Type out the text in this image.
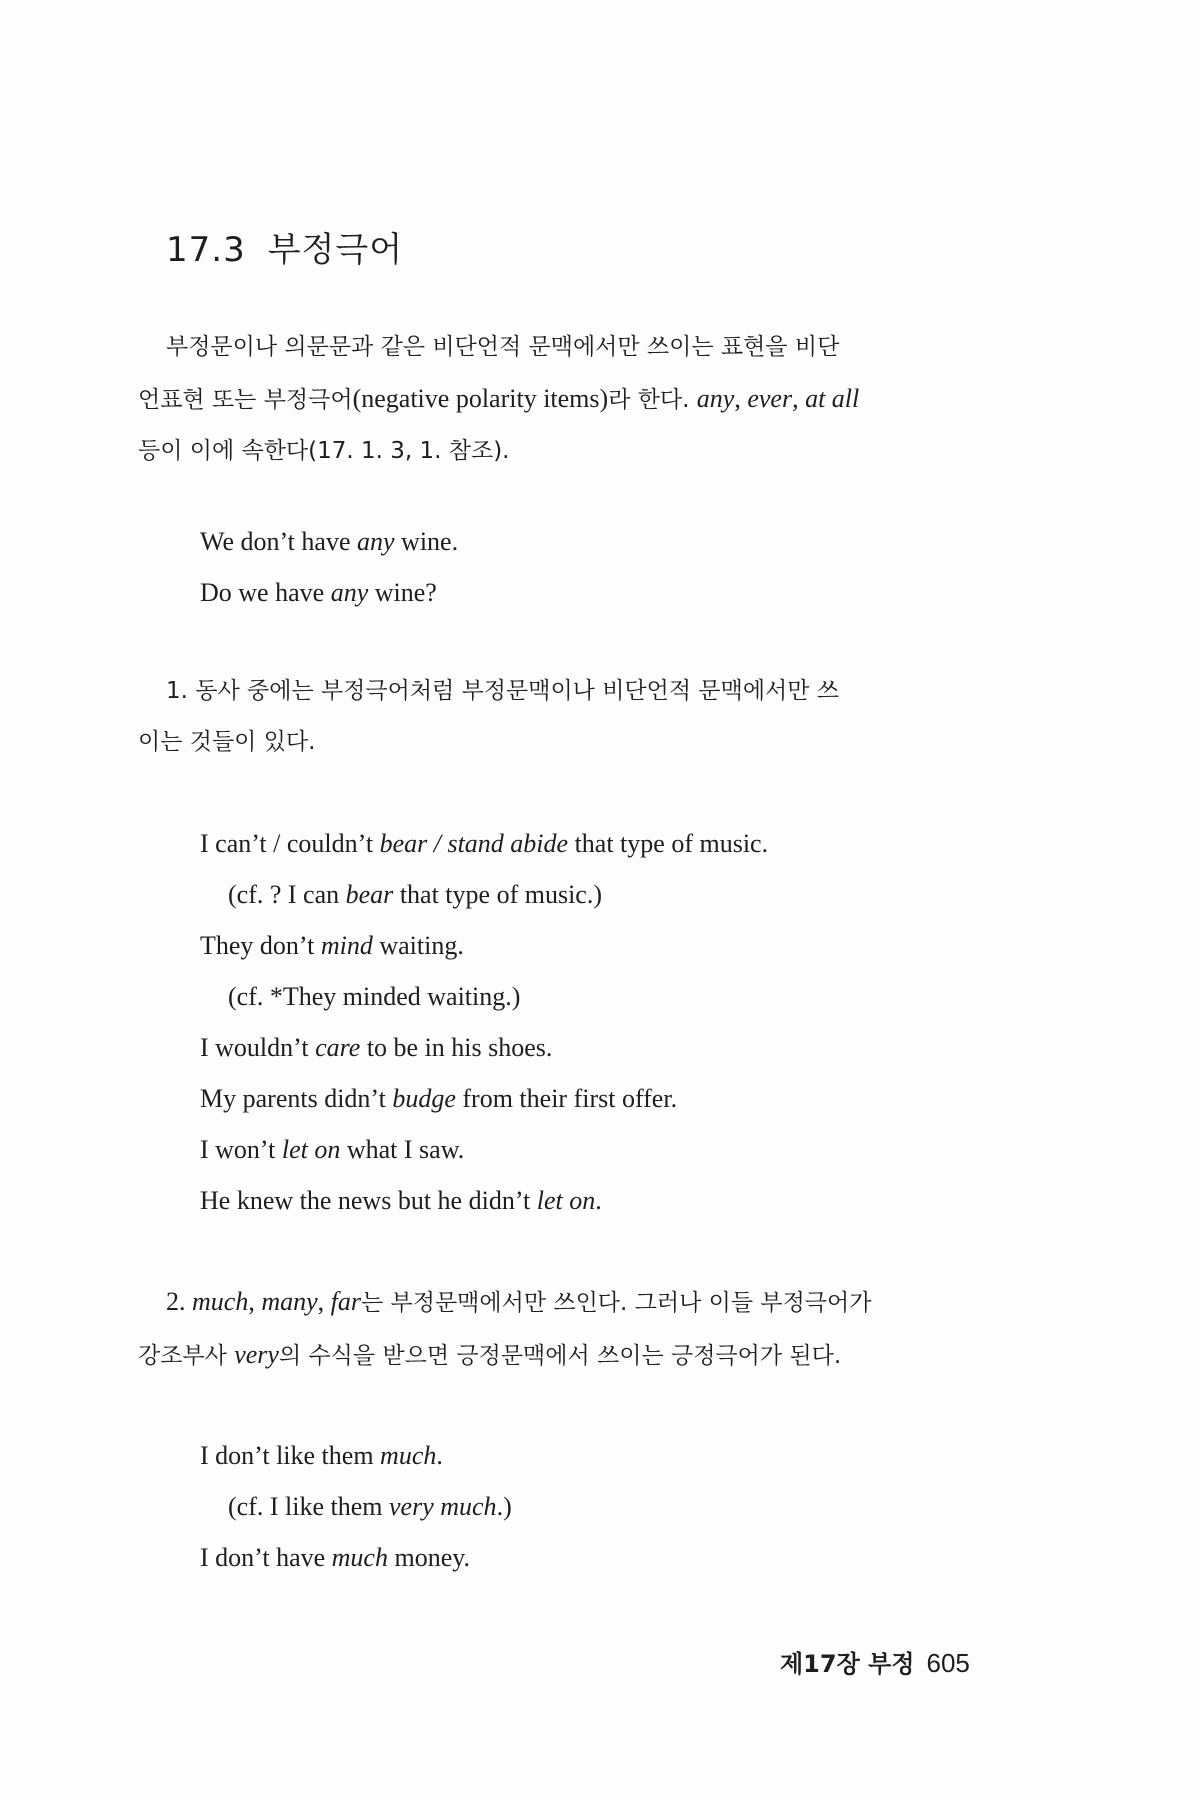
17.3 부정극어
부정문이나 의문문과 같은 비단언적 문맥에서만 쓰이는 표현을 비단
언표현 또는 부정극어(negative polarity items)라 한다. any, ever, at all
등이 이에 속한다(17. 1. 3, 1. 참조).
We don’t have any wine.
Do we have any wine?
1. 동사 중에는 부정극어처럼 부정문맥이나 비단언적 문맥에서만 쓰
이는 것들이 있다.
I can’t / couldn’t bear / stand abide that type of music.
(cf. ? I can bear that type of music.)
They don’t mind waiting.
(cf. *They minded waiting.)
I wouldn’t care to be in his shoes.
My parents didn’t budge from their first offer.
I won’t let on what I saw.
He knew the news but he didn’t let on.
2. much, many, far는 부정문맥에서만 쓰인다. 그러나 이들 부정극어가
강조부사 very의 수식을 받으면 긍정문맥에서 쓰이는 긍정극어가 된다.
I don’t like them much.
(cf. I like them very much.)
I don’t have much money.
제17장 부정 605
